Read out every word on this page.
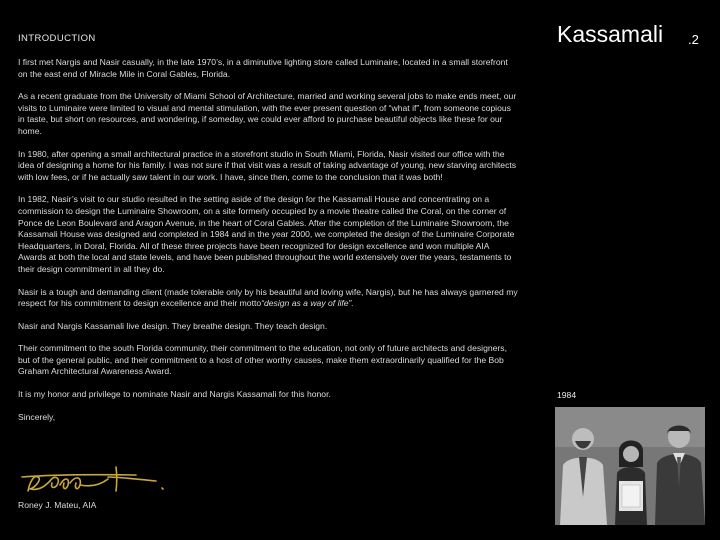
INTRODUCTION	Kassamali .2

I first met Nargis and Nasir casually, in the late 1970’s, in a diminutive lighting store called Luminaire, located in a small storefront on the east end of Miracle Mile in Coral Gables, Florida.

As a recent graduate from the University of Miami School of Architecture, married and working several jobs to make ends meet, our visits to Luminaire were limited to visual and mental stimulation, with the ever present question of “what if”, from someone copious in taste, but short on resources, and wondering, if someday, we could ever afford to purchase beautiful objects like these for our home.

In 1980, after opening a small architectural practice in a storefront studio in South Miami, Florida, Nasir visited our office with the idea of designing a home for his family. I was not sure if that visit was a result of taking advantage of young, new starving architects with low fees, or if he actually saw talent in our work. I have, since then, come to the conclusion that it was both!

In 1982, Nasir’s visit to our studio resulted in the setting aside of the design for the Kassamali House and concentrating on a commission to design the Luminaire Showroom, on a site formerly occupied by a movie theatre called the Coral, on the corner of Ponce de Leon Boulevard and Aragon Avenue, in the heart of Coral Gables. After the completion of the Luminaire Showroom, the Kassamali House was designed and completed in 1984 and in the year 2000, we completed the design of the Luminaire Corporate Headquarters, in Doral, Florida. All of these three projects have been recognized for design excellence and won multiple AIA Awards at both the local and state levels, and have been published throughout the world extensively over the years, testaments to their design commitment in all they do.

Nasir is a tough and demanding client (made tolerable only by his beautiful and loving wife, Nargis), but he has always garnered my respect for his commitment to design excellence and their motto“design as a way of life”.

Nasir and Nargis Kassamali live design. They breathe design. They teach design.

Their commitment to the south Florida community, their commitment to the education, not only of future architects and designers, but of the general public, and their commitment to a host of other worthy causes, make them extraordinarily qualified for the Bob Graham Architectural Awareness Award.

It is my honor and privilege to nominate Nasir and Nargis Kassamali for this honor.

Sincerely,

Roney J. Mateu, AIA
1984
